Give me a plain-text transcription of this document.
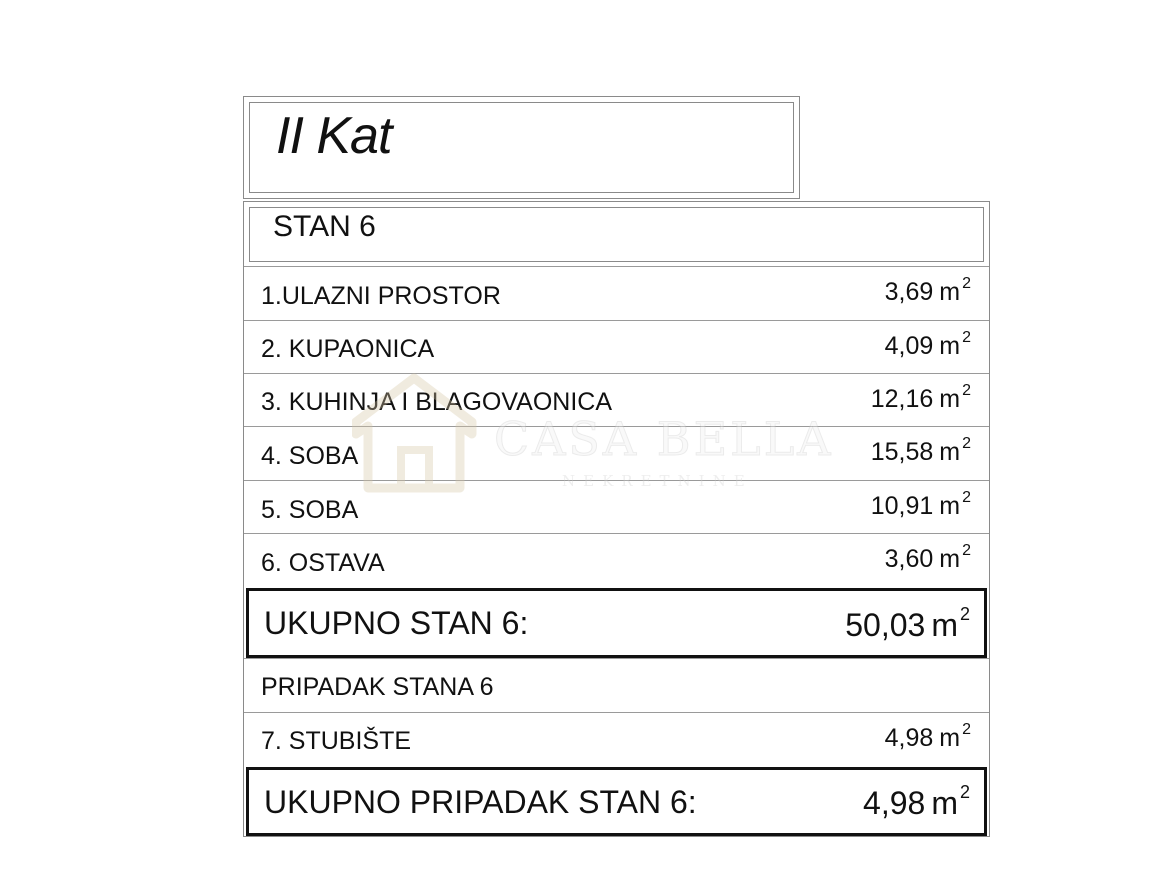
II Kat
STAN 6
1.ULAZNI PROSTOR	3,69 m $^2$
2. KUPAONICA	4,09 m $^2$
3. KUHINJA I BLAGOVAONICA	12,16 m $^2$
4. SOBA	15,58 m $^2$
5. SOBA	10,91 m $^2$
6. OSTAVA	3,60 m $^2$
UKUPNO STAN 6:	50,03 m $^2$
PRIPADAK STANA 6
7. STUBIŠTE	4,98 m $^2$
UKUPNO PRIPADAK STAN 6:	4,98 m $^2$
CASA BELLA
NEKRETNINE
